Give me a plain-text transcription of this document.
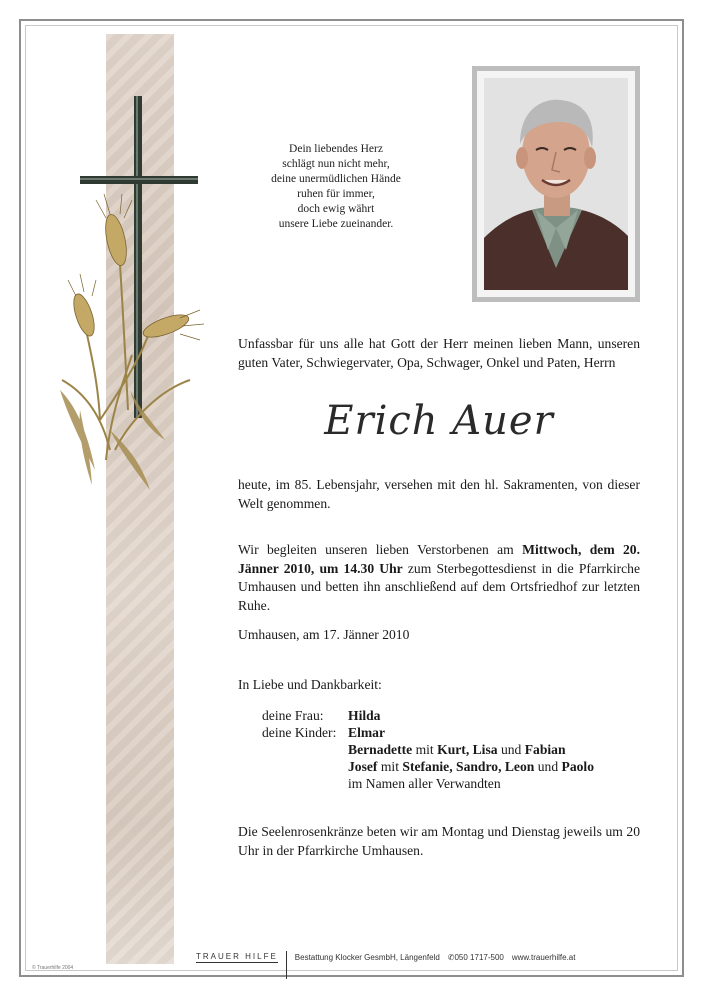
Dein liebendes Herz
schlägt nun nicht mehr,
deine unermüdlichen Hände
ruhen für immer,
doch ewig währt
unsere Liebe zueinander.
Unfassbar für uns alle hat Gott der Herr meinen lieben Mann, unseren guten Vater, Schwiegervater, Opa, Schwager, Onkel und Paten, Herrn
Erich Auer
heute, im 85. Lebensjahr, versehen mit den hl. Sakramenten, von dieser Welt genommen.
Wir begleiten unseren lieben Verstorbenen am Mittwoch, dem 20. Jänner 2010, um 14.30 Uhr zum Sterbegottesdienst in die Pfarrkirche Umhausen und betten ihn anschließend auf dem Ortsfriedhof zur letzten Ruhe.
Umhausen, am 17. Jänner 2010
In Liebe und Dankbarkeit:
deine Frau:	Hilda
deine Kinder: Elmar
Bernadette mit Kurt, Lisa und Fabian
Josef mit Stefanie, Sandro, Leon und Paolo
im Namen aller Verwandten
Die Seelenrosenkränze beten wir am Montag und Dienstag jeweils um 20 Uhr in der Pfarrkirche Umhausen.
TRAUER HILFE Bestattung Klocker GesmbH, Längenfeld ✆050 1717-500 www.trauerhilfe.at
© Trauerhilfe 2004
